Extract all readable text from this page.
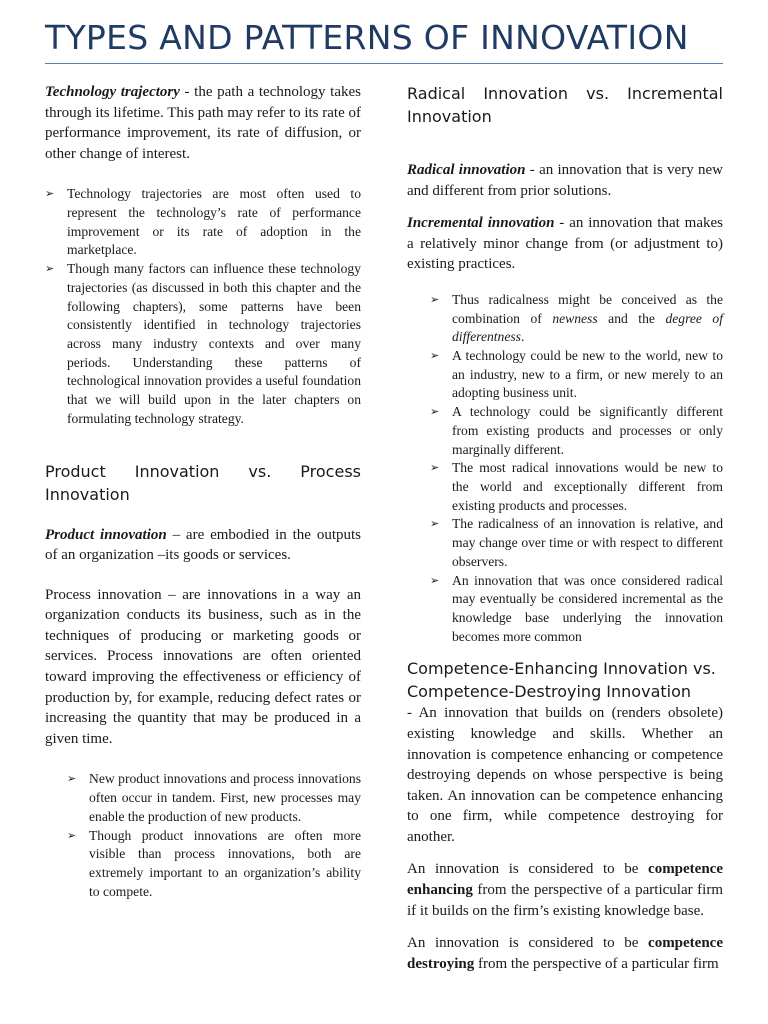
TYPES AND PATTERNS OF INNOVATION

Technology trajectory - the path a technology takes through its lifetime. This path may refer to its rate of performance improvement, its rate of diffusion, or other change of interest.

➢ Technology trajectories are most often used to represent the technology’s rate of performance improvement or its rate of adoption in the marketplace.
➢ Though many factors can influence these technology trajectories (as discussed in both this chapter and the following chapters), some patterns have been consistently identified in technology trajectories across many industry contexts and over many periods. Understanding these patterns of technological innovation provides a useful foundation that we will build upon in the later chapters on formulating technology strategy.
Product Innovation vs. Process Innovation

Product innovation – are embodied in the outputs of an organization –its goods or services.

Process innovation – are innovations in a way an organization conducts its business, such as in the techniques of producing or marketing goods or services. Process innovations are often oriented toward improving the effectiveness or efficiency of production by, for example, reducing defect rates or increasing the quantity that may be produced in a given time.

➢ New product innovations and process innovations often occur in tandem. First, new processes may enable the production of new products.
➢ Though product innovations are often more visible than process innovations, both are extremely important to an organization’s ability to compete.
Radical Innovation vs. Incremental Innovation

Radical innovation - an innovation that is very new and different from prior solutions.

Incremental innovation - an innovation that makes a relatively minor change from (or adjustment to) existing practices.

➢ Thus radicalness might be conceived as the combination of newness and the degree of differentness.
➢ A technology could be new to the world, new to an industry, new to a firm, or new merely to an adopting business unit.
➢ A technology could be significantly different from existing products and processes or only marginally different.
➢ The most radical innovations would be new to the world and exceptionally different from existing products and processes.
➢ The radicalness of an innovation is relative, and may change over time or with respect to different observers.
➢ An innovation that was once considered radical may eventually be considered incremental as the knowledge base underlying the innovation becomes more common
Competence-Enhancing Innovation vs. Competence-Destroying Innovation

- An innovation that builds on (renders obsolete) existing knowledge and skills. Whether an innovation is competence enhancing or competence destroying depends on whose perspective is being taken. An innovation can be competence enhancing to one firm, while competence destroying for another.

An innovation is considered to be competence enhancing from the perspective of a particular firm if it builds on the firm’s existing knowledge base.

An innovation is considered to be competence destroying from the perspective of a particular firm
